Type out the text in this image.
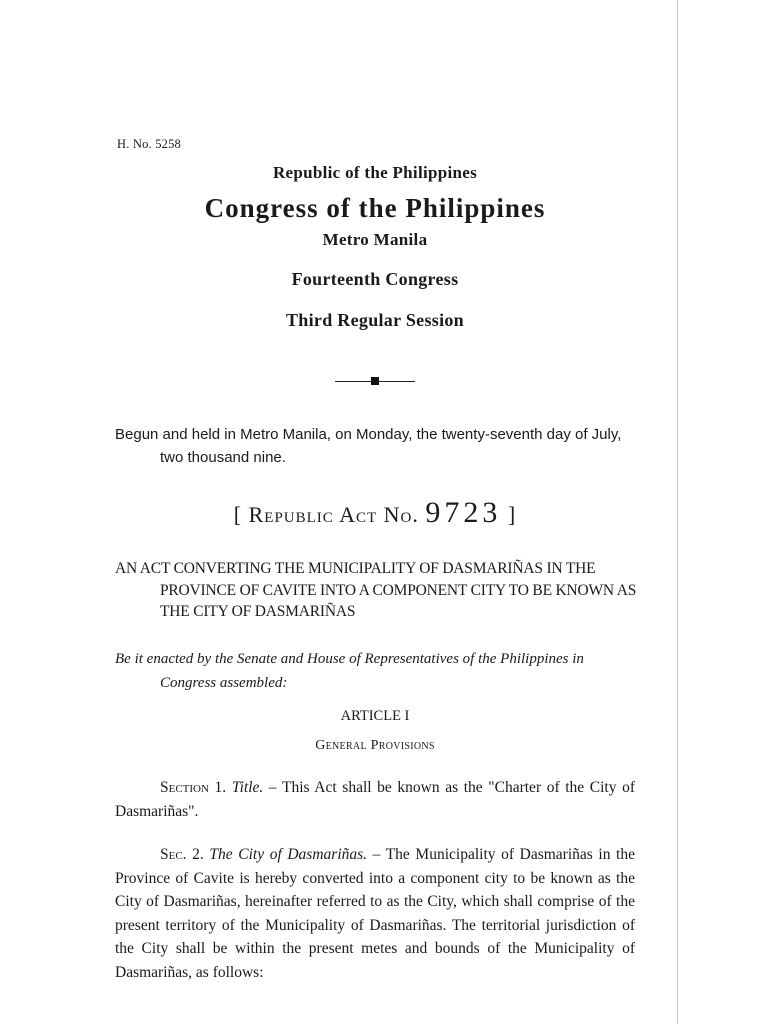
H. No. 5258
Republic of the Philippines
Congress of the Philippines
Metro Manila
Fourteenth Congress
Third Regular Session
Begun and held in Metro Manila, on Monday, the twenty-seventh day of July, two thousand nine.
[ Republic Act No. 9723 ]
AN ACT CONVERTING THE MUNICIPALITY OF DASMARIÑAS IN THE PROVINCE OF CAVITE INTO A COMPONENT CITY TO BE KNOWN AS THE CITY OF DASMARIÑAS
Be it enacted by the Senate and House of Representatives of the Philippines in Congress assembled:
ARTICLE I
General Provisions
Section 1. Title. – This Act shall be known as the "Charter of the City of Dasmariñas".
Sec. 2. The City of Dasmariñas. – The Municipality of Dasmariñas in the Province of Cavite is hereby converted into a component city to be known as the City of Dasmariñas, hereinafter referred to as the City, which shall comprise of the present territory of the Municipality of Dasmariñas. The territorial jurisdiction of the City shall be within the present metes and bounds of the Municipality of Dasmariñas, as follows:
